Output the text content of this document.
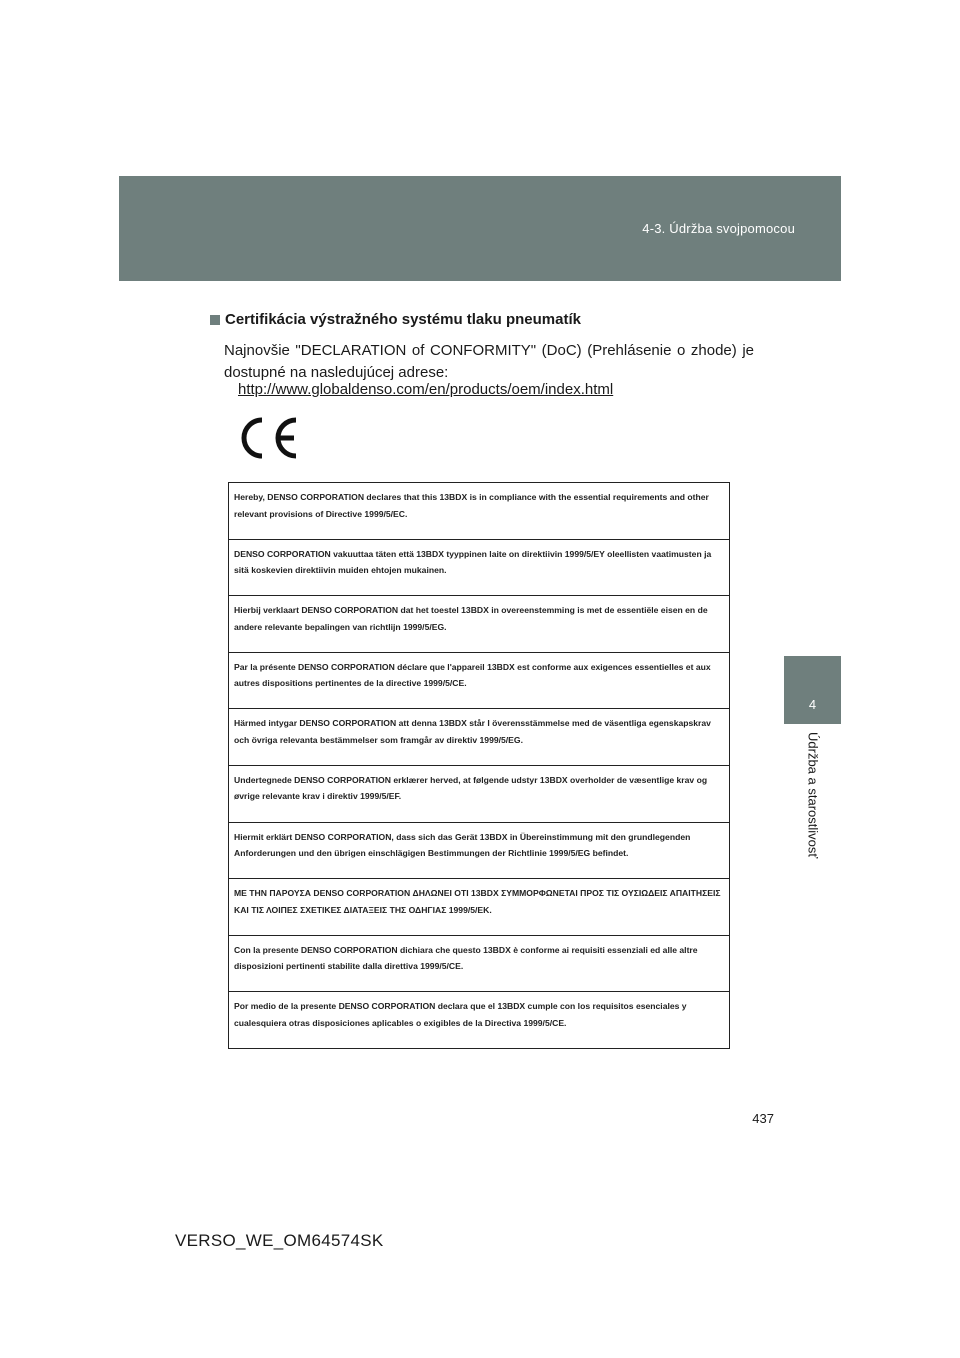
4-3. Údržba svojpomocou
4
Údržba a starostlivosť
Certifikácia výstražného systému tlaku pneumatík
Najnovšie "DECLARATION of CONFORMITY" (DoC) (Prehlásenie o zhode) je dostupné na nasledujúcej adrese:
http://www.globaldenso.com/en/products/oem/index.html
Hereby, DENSO CORPORATION declares that this 13BDX is in compliance with the essential requirements and other relevant provisions of Directive 1999/5/EC.
DENSO CORPORATION vakuuttaa täten että 13BDX tyyppinen laite on direktiivin 1999/5/EY oleellisten vaatimusten ja sitä koskevien direktiivin muiden ehtojen mukainen.
Hierbij verklaart DENSO CORPORATION dat het toestel 13BDX in overeenstemming is met de essentiële eisen en de andere relevante bepalingen van richtlijn 1999/5/EG.
Par la présente DENSO CORPORATION déclare que l'appareil 13BDX est conforme aux exigences essentielles et aux autres dispositions pertinentes de la directive 1999/5/CE.
Härmed intygar DENSO CORPORATION att denna 13BDX står I överensstämmelse med de väsentliga egenskapskrav och övriga relevanta bestämmelser som framgår av direktiv 1999/5/EG.
Undertegnede DENSO CORPORATION erklærer herved, at følgende udstyr 13BDX overholder de væsentlige krav og øvrige relevante krav i direktiv 1999/5/EF.
Hiermit erklärt DENSO CORPORATION, dass sich das Gerät 13BDX in Übereinstimmung mit den grundlegenden Anforderungen und den übrigen einschlägigen Bestimmungen der Richtlinie 1999/5/EG befindet.
ΜΕ ΤΗΝ ΠΑΡΟΥΣΑ DENSO CORPORATION ΔΗΛΩΝΕΙ ΟΤΙ 13BDX ΣΥΜΜΟΡΦΩΝΕΤΑΙ ΠΡΟΣ ΤΙΣ ΟΥΣΙΩΔΕΙΣ ΑΠΑΙΤΗΣΕΙΣ ΚΑΙ ΤΙΣ ΛΟΙΠΕΣ ΣΧΕΤΙΚΕΣ ΔΙΑΤΑΞΕΙΣ ΤΗΣ ΟΔΗΓΙΑΣ 1999/5/ΕΚ.
Con la presente DENSO CORPORATION dichiara che questo 13BDX è conforme ai requisiti essenziali ed alle altre disposizioni pertinenti stabilite dalla direttiva 1999/5/CE.
Por medio de la presente DENSO CORPORATION declara que el 13BDX cumple con los requisitos esenciales y cualesquiera otras disposiciones aplicables o exigibles de la Directiva 1999/5/CE.
437
VERSO_WE_OM64574SK
